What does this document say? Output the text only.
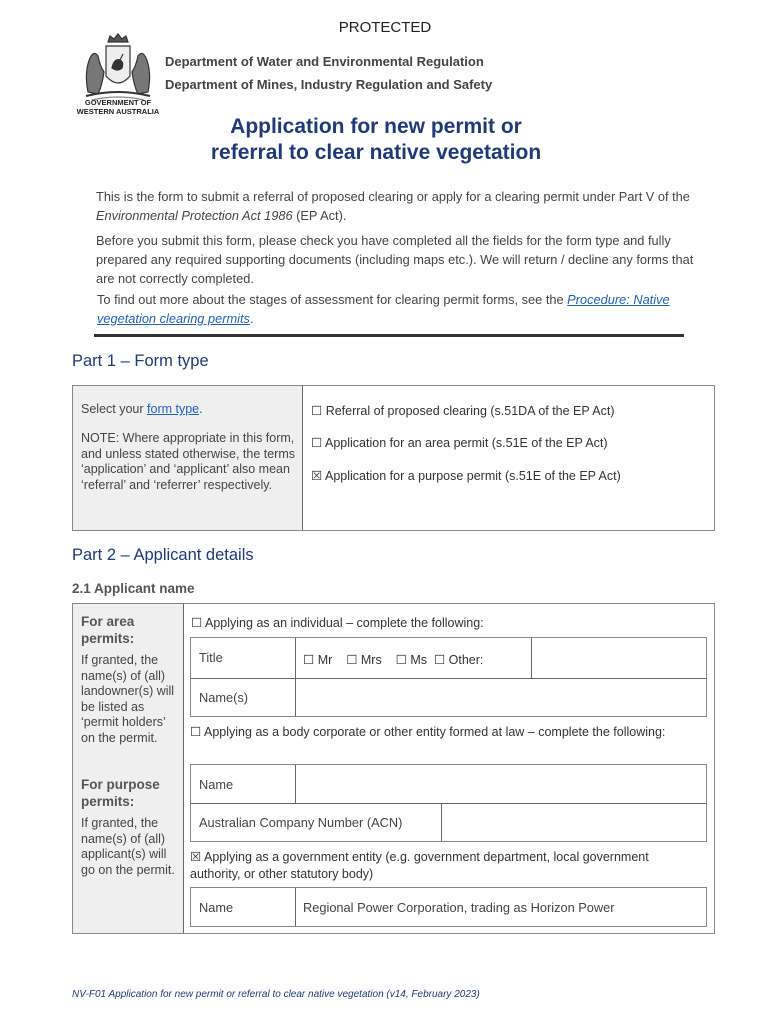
PROTECTED
GOVERNMENT OF
WESTERN AUSTRALIA
Department of Water and Environmental Regulation
Department of Mines, Industry Regulation and Safety
Application for new permit or
referral to clear native vegetation
This is the form to submit a referral of proposed clearing or apply for a clearing permit under Part V of the Environmental Protection Act 1986 (EP Act).
Before you submit this form, please check you have completed all the fields for the form type and fully prepared any required supporting documents (including maps etc.). We will return / decline any forms that are not correctly completed.
To find out more about the stages of assessment for clearing permit forms, see the Procedure: Native vegetation clearing permits.
Part 1 – Form type
Select your form type.
NOTE: Where appropriate in this form, and unless stated otherwise, the terms ‘application’ and ‘applicant’ also mean ‘referral’ and ‘referrer’ respectively.
☐ Referral of proposed clearing (s.51DA of the EP Act)
☐ Application for an area permit (s.51E of the EP Act)
☒ Application for a purpose permit (s.51E of the EP Act)
Part 2 – Applicant details
2.1 Applicant name
For area permits:
If granted, the name(s) of (all) landowner(s) will be listed as ‘permit holders’ on the permit.
For purpose permits:
If granted, the name(s) of (all) applicant(s) will go on the permit.
☐ Applying as an individual – complete the following:
Title	☐ Mr ☐ Mrs ☐ Ms ☐ Other:
Name(s)
☐ Applying as a body corporate or other entity formed at law – complete the following:
Name
Australian Company Number (ACN)
☒ Applying as a government entity (e.g. government department, local government authority, or other statutory body)
Name	Regional Power Corporation, trading as Horizon Power
NV-F01 Application for new permit or referral to clear native vegetation (v14, February 2023)
